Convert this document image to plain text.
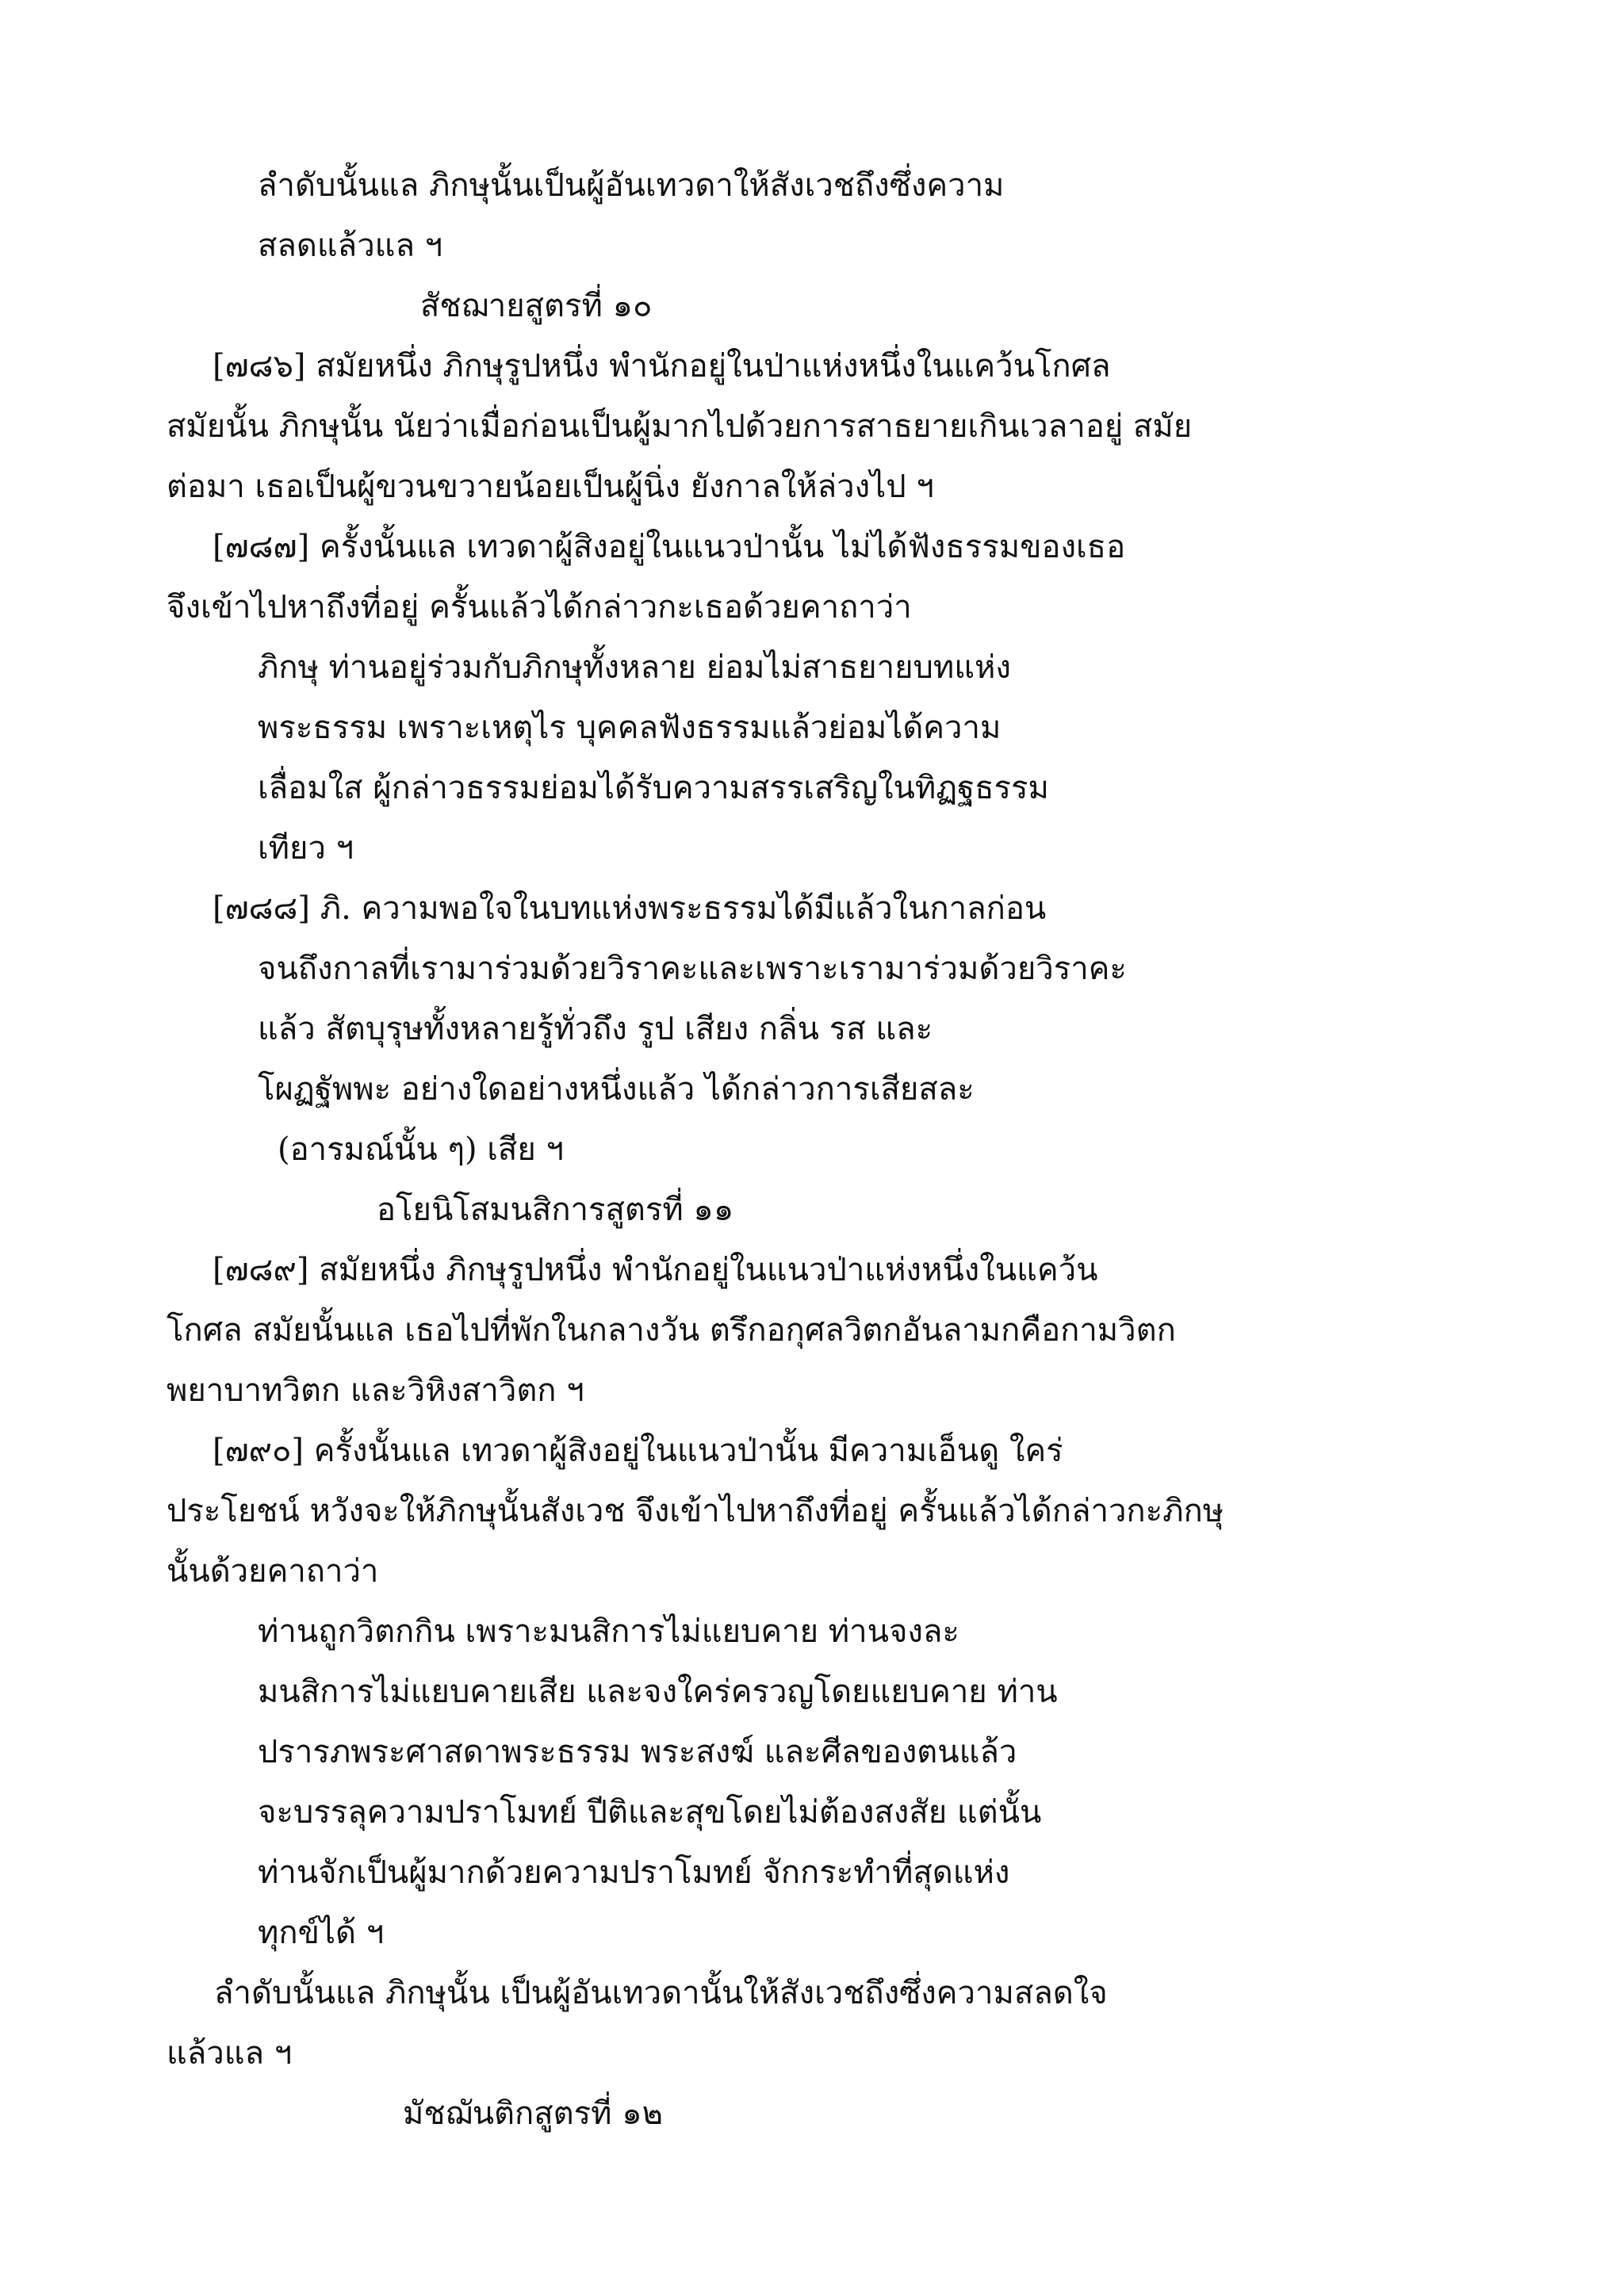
ลำดับนั้นแล ภิกษุนั้นเป็นผู้อันเทวดาให้สังเวชถึงซึ่งความ
สลดแล้วแล ฯ
สัชฌายสูตรที่ ๑๐
[๗๘๖] สมัยหนึ่ง ภิกษุรูปหนึ่ง พำนักอยู่ในป่าแห่งหนึ่งในแคว้นโกศล
สมัยนั้น ภิกษุนั้น นัยว่าเมื่อก่อนเป็นผู้มากไปด้วยการสาธยายเกินเวลาอยู่ สมัย
ต่อมา เธอเป็นผู้ขวนขวายน้อยเป็นผู้นิ่ง ยังกาลให้ล่วงไป ฯ
[๗๘๗] ครั้งนั้นแล เทวดาผู้สิงอยู่ในแนวป่านั้น ไม่ได้ฟังธรรมของเธอ
จึงเข้าไปหาถึงที่อยู่ ครั้นแล้วได้กล่าวกะเธอด้วยคาถาว่า
ภิกษุ ท่านอยู่ร่วมกับภิกษุทั้งหลาย ย่อมไม่สาธยายบทแห่ง
พระธรรม เพราะเหตุไร บุคคลฟังธรรมแล้วย่อมได้ความ
เลื่อมใส ผู้กล่าวธรรมย่อมได้รับความสรรเสริญในทิฏฐธรรม
เทียว ฯ
[๗๘๘] ภิ. ความพอใจในบทแห่งพระธรรมได้มีแล้วในกาลก่อน
จนถึงกาลที่เรามาร่วมด้วยวิราคะและเพราะเรามาร่วมด้วยวิราคะ
แล้ว สัตบุรุษทั้งหลายรู้ทั่วถึง รูป เสียง กลิ่น รส และ
โผฏฐัพพะ อย่างใดอย่างหนึ่งแล้ว ได้กล่าวการเสียสละ
(อารมณ์นั้น ๆ) เสีย ฯ
อโยนิโสมนสิการสูตรที่ ๑๑
[๗๘๙] สมัยหนึ่ง ภิกษุรูปหนึ่ง พำนักอยู่ในแนวป่าแห่งหนึ่งในแคว้น
โกศล สมัยนั้นแล เธอไปที่พักในกลางวัน ตรึกอกุศลวิตกอันลามกคือกามวิตก
พยาบาทวิตก และวิหิงสาวิตก ฯ
[๗๙๐] ครั้งนั้นแล เทวดาผู้สิงอยู่ในแนวป่านั้น มีความเอ็นดู ใคร่
ประโยชน์ หวังจะให้ภิกษุนั้นสังเวช จึงเข้าไปหาถึงที่อยู่ ครั้นแล้วได้กล่าวกะภิกษุ
นั้นด้วยคาถาว่า
ท่านถูกวิตกกิน เพราะมนสิการไม่แยบคาย ท่านจงละ
มนสิการไม่แยบคายเสีย และจงใคร่ครวญโดยแยบคาย ท่าน
ปรารภพระศาสดาพระธรรม พระสงฆ์ และศีลของตนแล้ว
จะบรรลุความปราโมทย์ ปีติและสุขโดยไม่ต้องสงสัย แต่นั้น
ท่านจักเป็นผู้มากด้วยความปราโมทย์ จักกระทำที่สุดแห่ง
ทุกข์ได้ ฯ
ลำดับนั้นแล ภิกษุนั้น เป็นผู้อันเทวดานั้นให้สังเวชถึงซึ่งความสลดใจ
แล้วแล ฯ
มัชฌันติกสูตรที่ ๑๒
